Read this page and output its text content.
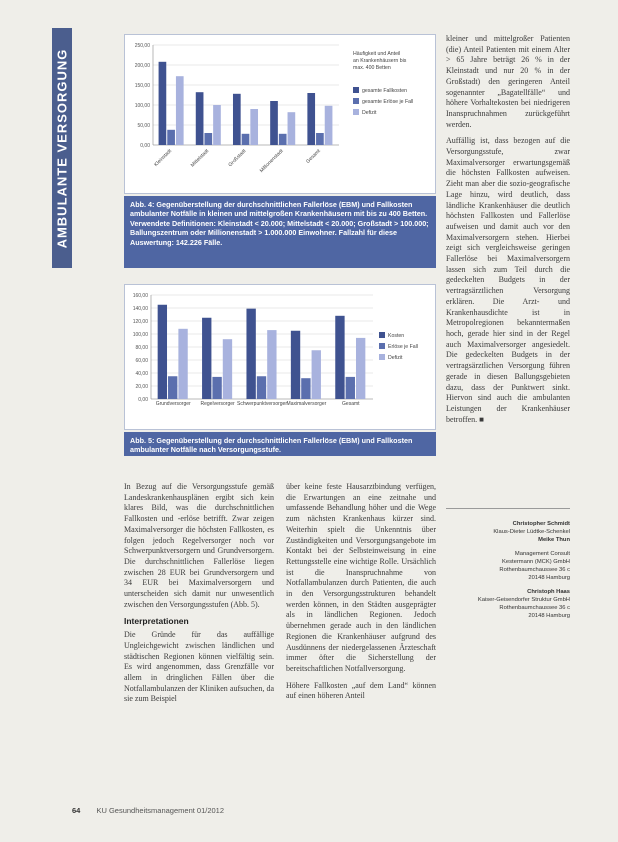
AMBULANTE VERSORGUNG	0,00
50,00
100,00
150,00
200,00
250,00
Kleinstadt	Mittelstadt	Großstadt Millionenstadt	Gesamt
Häufigkeit und Anteil
an Krankenhäusern bis
max. 400 Betten
gesamte Fallkosten
gesamte Erlöse je Fall
Defizit
Abb. 4: Gegenüberstellung der durchschnittlichen Fallerlöse (EBM) und Fallkosten ambulanter Notfälle in kleinen und mittelgroßen Krankenhäusern mit bis zu 400 Betten. Verwendete Definitionen: Kleinstadt < 20.000; Mittelstadt < 20.000; Großstadt > 100.000; Ballungszentrum oder Millionenstadt > 1.000.000 Einwohner. Fallzahl für diese Auswertung: 142.226 Fälle.
0,00
20,00
40,00
60,00
80,00
100,00
120,00
140,00
160,00
Grundversorger Regelversorger Schwerpunktversorger Maximalversorger	Gesamt
Kosten
Erlöse je Fall
Defizit
Abb. 5: Gegenüberstellung der durchschnittlichen Fallerlöse (EBM) und Fallkosten ambulanter Notfälle nach Versorgungsstufe.

kleiner und mittelgroßer Patienten (die) Anteil Patienten mit einem Alter > 65 Jahre beträgt 26 % in der Kleinstadt und nur 20 % in der Großstadt) den geringeren Anteil sogenannter „Bagatellfälle“ und höhere Vorhaltekosten bei niedrigeren Inanspruchnahmen zurückgeführt werden.

Auffällig ist, dass bezogen auf die Versorgungsstufe, zwar Maximalversorger erwartungsgemäß die höchsten Fallkosten aufweisen. Zieht man aber die sozio-geografische Lage hinzu, wird deutlich, dass ländliche Krankenhäuser die deutlich höchsten Fallkosten und Fallerlöse aufweisen und damit auch vor den Maximalversorgern stehen. Hierbei zeigt sich vergleichsweise geringen Fallerlöse bei Maximalversorgern lassen sich zum Teil durch die gedeckelten Budgets in der vertragsärztlichen Versorgung erklären. Die Arzt- und Krankenhausdichte ist in Metropolregionen bekanntermaßen hoch, gerade hier sind in der Regel auch Maximalversorger angesiedelt. Die gedeckelten Budgets in der vertragsärztlichen Versorgung führen gerade in diesen Ballungsgebieten dazu, dass der Punktwert sinkt. Hiervon sind auch die ambulanten Leistungen der Krankenhäuser betroffen. ■

Christopher Schmidt
Klaus-Dieter Lüdtke-Schenkel
Meike Thun
Management Consult
Kestermann (MCK) GmbH
Rothenbaumchaussee 36 c
20148 Hamburg
Christoph Haas
Kaiser-Geisendorfer Struktur GmbH
Rothenbaumchaussee 36 c
20148 Hamburg

In Bezug auf die Versorgungsstufe gemäß Landeskrankenhausplänen ergibt sich kein klares Bild, was die durchschnittlichen Fallkosten und -erlöse betrifft. Zwar zeigen Maximalversorger die höchsten Fallkosten, es folgen jedoch Regelversorger noch vor Schwerpunktversorgern und Grundversorgern. Die durchschnittlichen Fallerlöse liegen zwischen 28 EUR bei Grundversorgern und 34 EUR bei Maximalversorgern und unterscheiden sich damit nur unwesentlich zwischen den Versorgungsstufen (Abb. 5).

Interpretationen

Die Gründe für das auffällige Ungleichgewicht zwischen ländlichen und städtischen Regionen können vielfältig sein. Es wird angenommen, dass Grenzfälle vor allem in dringlichen Fällen über die Notfallambulanzen der Kliniken aufsuchen, da sie zum Beispiel

über keine feste Hausarztbindung verfügen, die Erwartungen an eine zeitnahe und umfassende Behandlung höher und die Wege zum nächsten Krankenhaus kürzer sind. Weiterhin spielt die Unkenntnis über Zuständigkeiten und Versorgungsangebote im Kontakt bei der Selbsteinweisung in eine Rettungsstelle eine wichtige Rolle. Ursächlich ist die Inanspruchnahme von Notfallambulanzen durch Patienten, die auch in den Versorgungsstrukturen behandelt werden können, in den Städten ausgeprägter als in ländlichen Regionen. Jedoch übernehmen gerade auch in den ländlichen Regionen die Krankenhäuser aufgrund des Ausdünnens der niedergelassenen Ärzteschaft immer öfter die Sicherstellung der bereitschaftlichen Notfallversorgung.

Höhere Fallkosten „auf dem Land“ können auf einen höheren Anteil

64 KU Gesundheitsmanagement 01/2012
